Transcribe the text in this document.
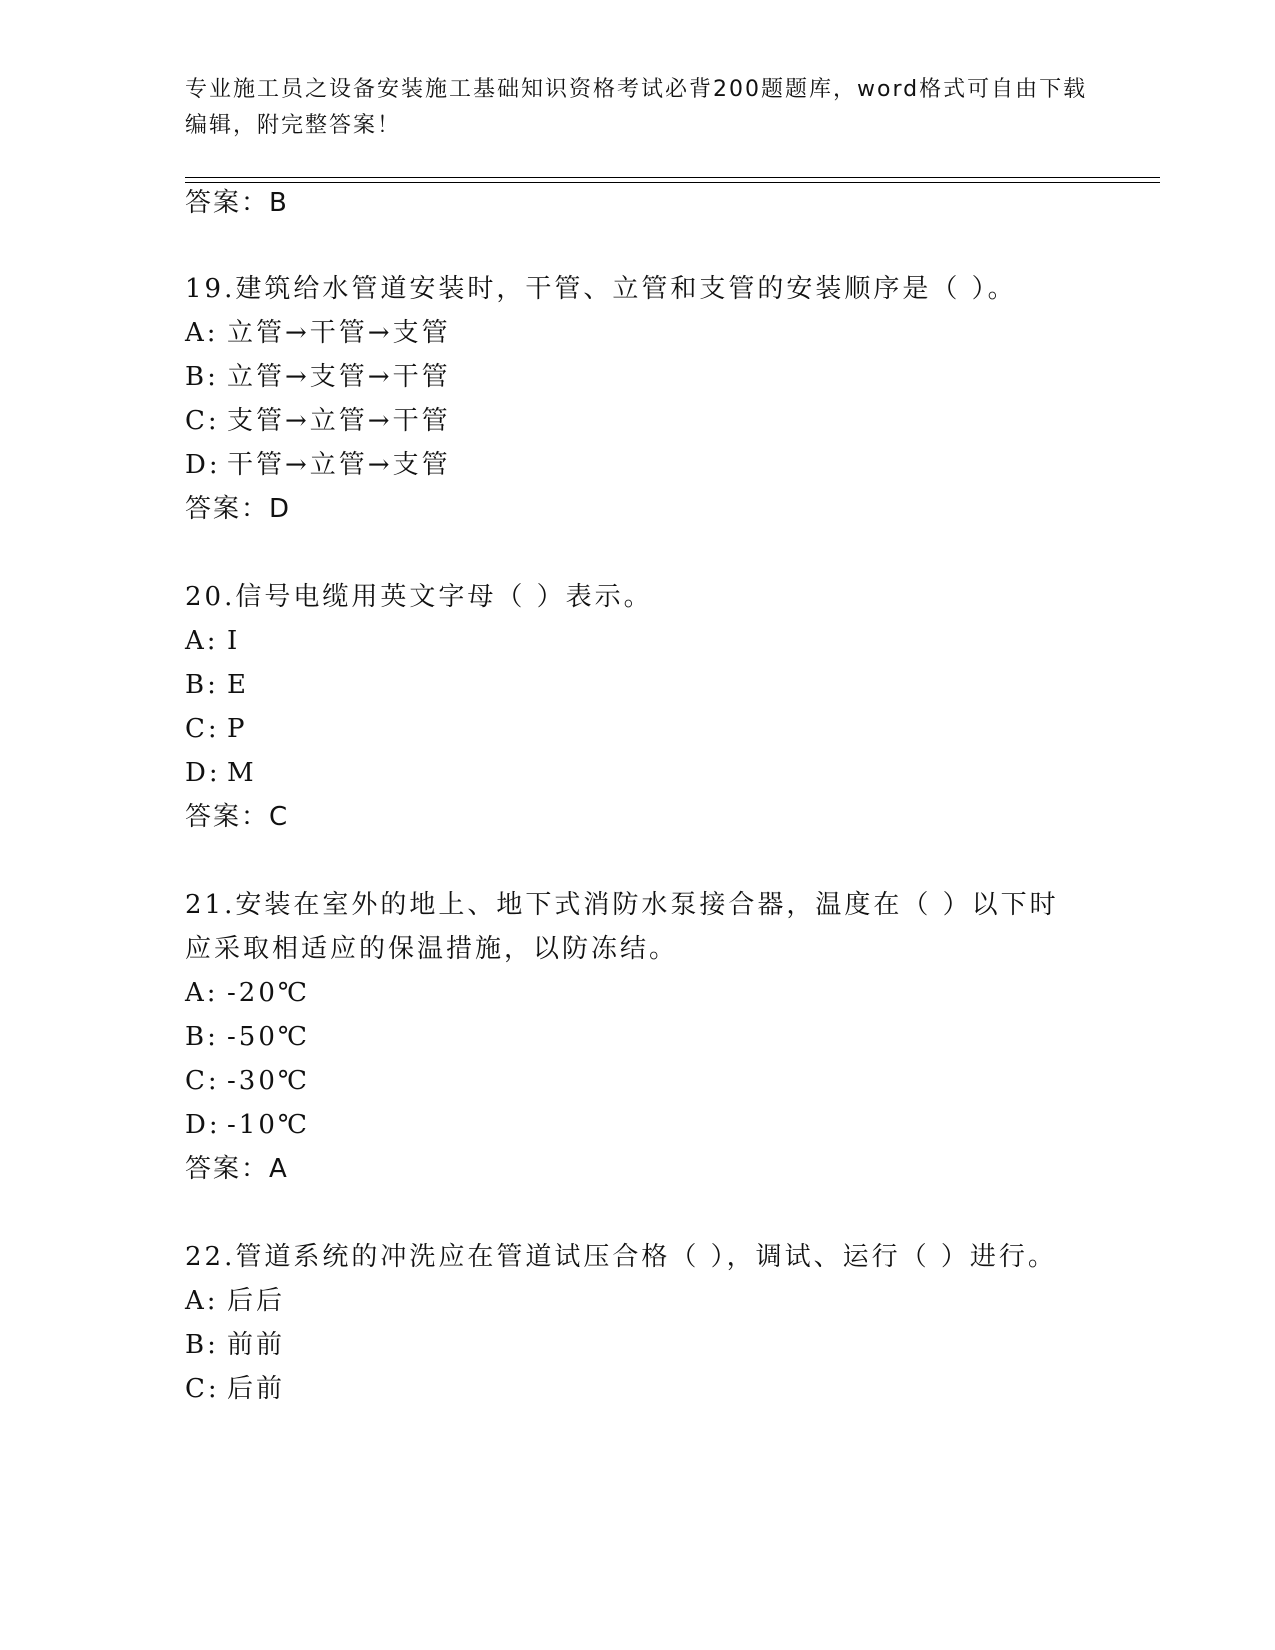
专业施工员之设备安装施工基础知识资格考试必背200题题库，word格式可自由下载编辑，附完整答案！
答案：B
19.建筑给水管道安装时，干管、立管和支管的安装顺序是（ ）。
A: 立管→干管→支管
B: 立管→支管→干管
C: 支管→立管→干管
D: 干管→立管→支管
答案：D
20.信号电缆用英文字母（ ）表示。
A: I
B: E
C: P
D: M
答案：C
21.安装在室外的地上、地下式消防水泵接合器，温度在（ ）以下时
应采取相适应的保温措施，以防冻结。
A: -20℃
B: -50℃
C: -30℃
D: -10℃
答案：A
22.管道系统的冲洗应在管道试压合格（ ），调试、运行（ ）进行。
A: 后后
B: 前前
C: 后前
